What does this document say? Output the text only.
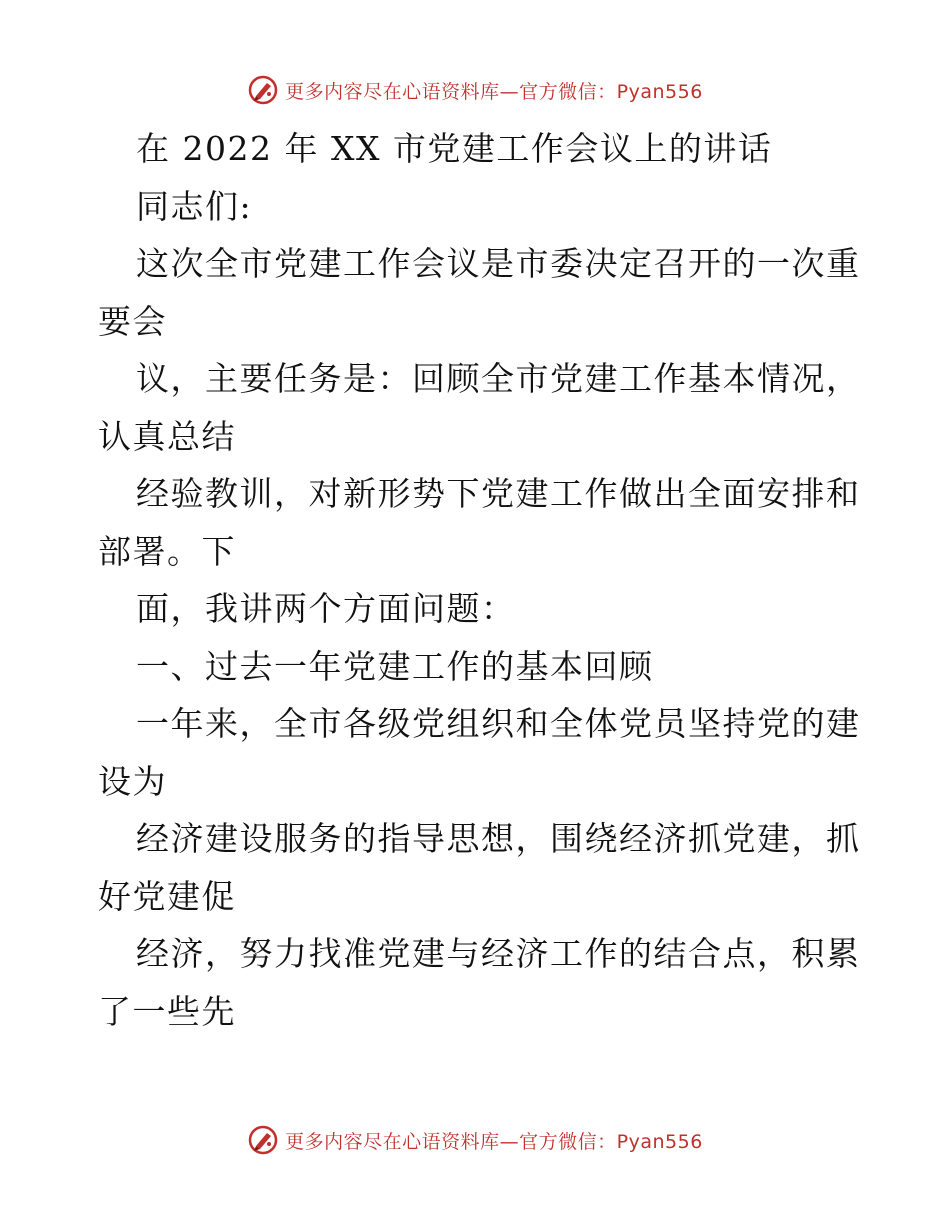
更多内容尽在心语资料库—官方微信：Pyan556
在 2022 年 XX 市党建工作会议上的讲话
同志们:
这次全市党建工作会议是市委决定召开的一次重
要会
议，主要任务是：回顾全市党建工作基本情况，
认真总结
经验教训，对新形势下党建工作做出全面安排和
部署。下
面，我讲两个方面问题：
一、过去一年党建工作的基本回顾
一年来，全市各级党组织和全体党员坚持党的建
设为
经济建设服务的指导思想，围绕经济抓党建，抓
好党建促
经济，努力找准党建与经济工作的结合点，积累
了一些先
更多内容尽在心语资料库—官方微信：Pyan556
